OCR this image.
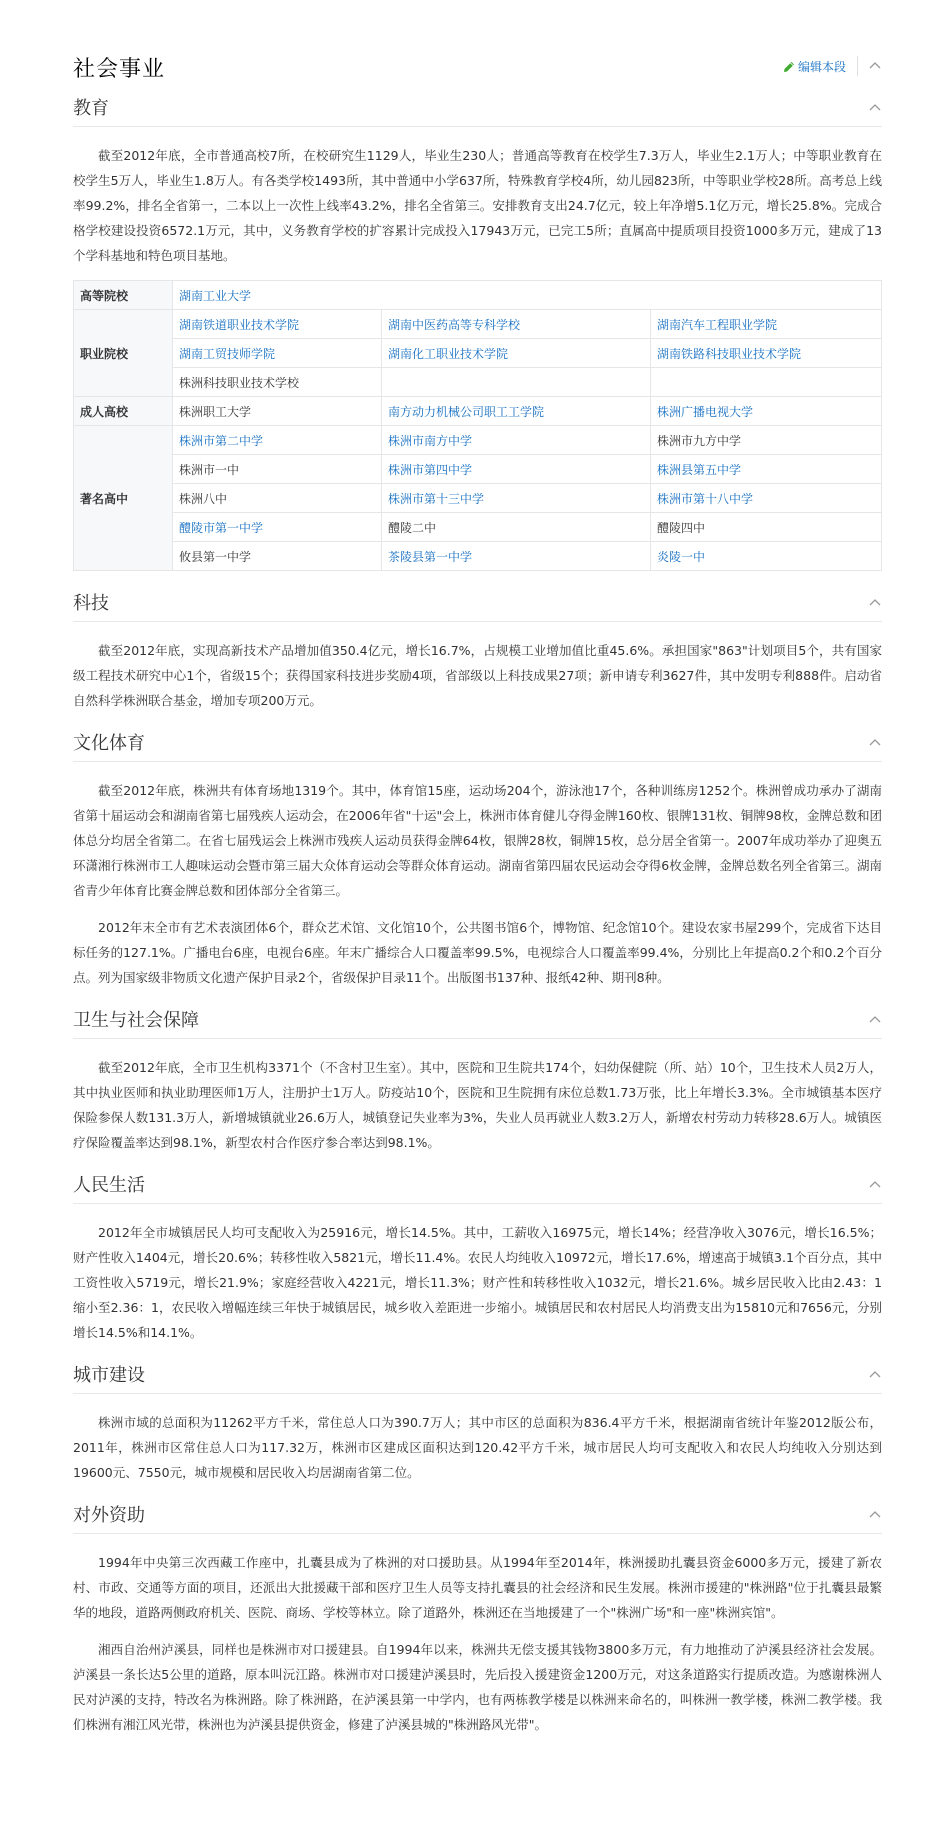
社会事业	编辑本段
教育

截至2012年底，全市普通高校7所，在校研究生1129人，毕业生230人；普通高等教育在校学生7.3万人，毕业生2.1万人；中等职业教育在校学生5万人，毕业生1.8万人。有各类学校1493所，其中普通中小学637所，特殊教育学校4所，幼儿园823所，中等职业学校28所。高考总上线率99.2%，排名全省第一，二本以上一次性上线率43.2%，排名全省第三。安排教育支出24.7亿元，较上年净增5.1亿万元，增长25.8%。完成合格学校建设投资6572.1万元，其中，义务教育学校的扩容累计完成投入17943万元，已完工5所；直属高中提质项目投资1000多万元，建成了13个学科基地和特色项目基地。

高等院校	湖南工业大学		
职业院校	湖南铁道职业技术学院	湖南中医药高等专科学校	湖南汽车工程职业学院
	湖南工贸技师学院	湖南化工职业技术学院	湖南铁路科技职业技术学院
	株洲科技职业技术学校		
成人高校	株洲职工大学	南方动力机械公司职工工学院	株洲广播电视大学
著名高中	株洲市第二中学	株洲市南方中学	株洲市九方中学
	株洲市一中	株洲市第四中学	株洲县第五中学
	株洲八中	株洲市第十三中学	株洲市第十八中学
	醴陵市第一中学	醴陵二中	醴陵四中
	攸县第一中学	茶陵县第一中学	炎陵一中
科技

截至2012年底，实现高新技术产品增加值350.4亿元，增长16.7%，占规模工业增加值比重45.6%。承担国家"863"计划项目5个，共有国家级工程技术研究中心1个，省级15个；获得国家科技进步奖励4项，省部级以上科技成果27项；新申请专利3627件，其中发明专利888件。启动省自然科学株洲联合基金，增加专项200万元。

文化体育

截至2012年底，株洲共有体育场地1319个。其中，体育馆15座，运动场204个，游泳池17个，各种训练房1252个。株洲曾成功承办了湖南省第十届运动会和湖南省第七届残疾人运动会，在2006年省"十运"会上，株洲市体育健儿夺得金牌160枚、银牌131枚、铜牌98枚，金牌总数和团体总分均居全省第二。在省七届残运会上株洲市残疾人运动员获得金牌64枚，银牌28枚，铜牌15枚，总分居全省第一。2007年成功举办了迎奥五环潇湘行株洲市工人趣味运动会暨市第三届大众体育运动会等群众体育运动。湖南省第四届农民运动会夺得6枚金牌，金牌总数名列全省第三。湖南省青少年体育比赛金牌总数和团体部分全省第三。

2012年末全市有艺术表演团体6个，群众艺术馆、文化馆10个，公共图书馆6个，博物馆、纪念馆10个。建设农家书屋299个，完成省下达目标任务的127.1%。广播电台6座，电视台6座。年末广播综合人口覆盖率99.5%，电视综合人口覆盖率99.4%，分别比上年提高0.2个和0.2个百分点。列为国家级非物质文化遗产保护目录2个，省级保护目录11个。出版图书137种、报纸42种、期刊8种。

卫生与社会保障

截至2012年底，全市卫生机构3371个（不含村卫生室）。其中，医院和卫生院共174个，妇幼保健院（所、站）10个，卫生技术人员2万人，其中执业医师和执业助理医师1万人，注册护士1万人。防疫站10个，医院和卫生院拥有床位总数1.73万张，比上年增长3.3%。全市城镇基本医疗保险参保人数131.3万人，新增城镇就业26.6万人，城镇登记失业率为3%，失业人员再就业人数3.2万人，新增农村劳动力转移28.6万人。城镇医疗保险覆盖率达到98.1%，新型农村合作医疗参合率达到98.1%。

人民生活

2012年全市城镇居民人均可支配收入为25916元，增长14.5%。其中，工薪收入16975元，增长14%；经营净收入3076元，增长16.5%；财产性收入1404元，增长20.6%；转移性收入5821元，增长11.4%。农民人均纯收入10972元，增长17.6%，增速高于城镇3.1个百分点，其中工资性收入5719元，增长21.9%；家庭经营收入4221元，增长11.3%；财产性和转移性收入1032元，增长21.6%。城乡居民收入比由2.43：1缩小至2.36：1，农民收入增幅连续三年快于城镇居民，城乡收入差距进一步缩小。城镇居民和农村居民人均消费支出为15810元和7656元，分别增长14.5%和14.1%。

城市建设

株洲市域的总面积为11262平方千米，常住总人口为390.7万人；其中市区的总面积为836.4平方千米，根据湖南省统计年鉴2012版公布，2011年，株洲市区常住总人口为117.32万，株洲市区建成区面积达到120.42平方千米，城市居民人均可支配收入和农民人均纯收入分别达到19600元、7550元，城市规模和居民收入均居湖南省第二位。

对外资助

1994年中央第三次西藏工作座中，扎囊县成为了株洲的对口援助县。从1994年至2014年，株洲援助扎囊县资金6000多万元，援建了新农村、市政、交通等方面的项目，还派出大批援藏干部和医疗卫生人员等支持扎囊县的社会经济和民生发展。株洲市援建的"株洲路"位于扎囊县最繁华的地段，道路两侧政府机关、医院、商场、学校等林立。除了道路外，株洲还在当地援建了一个"株洲广场"和一座"株洲宾馆"。

湘西自治州泸溪县，同样也是株洲市对口援建县。自1994年以来，株洲共无偿支援其钱物3800多万元，有力地推动了泸溪县经济社会发展。泸溪县一条长达5公里的道路，原本叫沅江路。株洲市对口援建泸溪县时，先后投入援建资金1200万元，对这条道路实行提质改造。为感谢株洲人民对泸溪的支持，特改名为株洲路。除了株洲路，在泸溪县第一中学内，也有两栋教学楼是以株洲来命名的，叫株洲一教学楼，株洲二教学楼。我们株洲有湘江风光带，株洲也为泸溪县提供资金，修建了泸溪县城的"株洲路风光带"。
